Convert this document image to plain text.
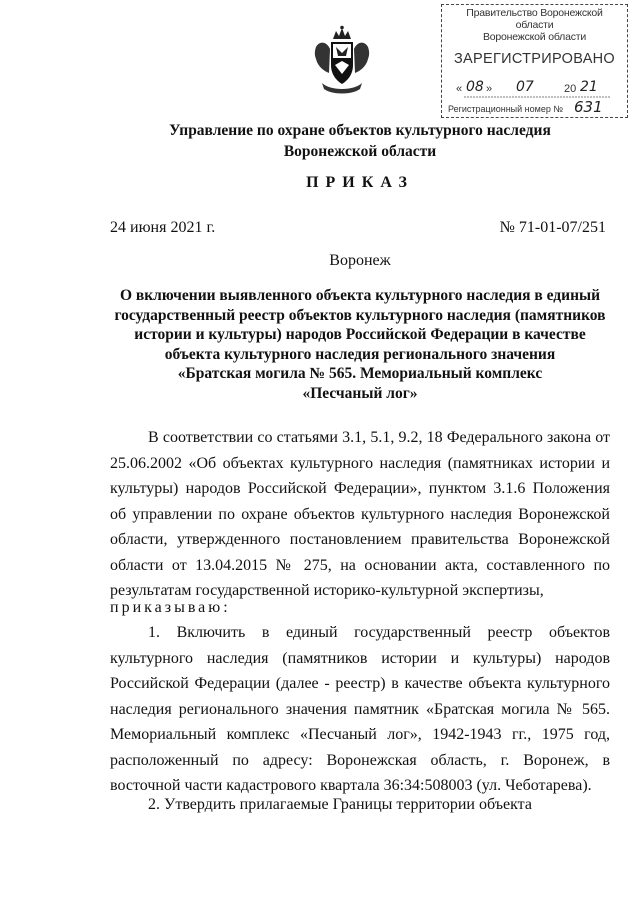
Правительство Воронежской области
Воронежской области
ЗАРЕГИСТРИРОВАНО
« 08 » 07	20 21
Регистрационный номер № 631
Управление по охране объектов культурного наследия
Воронежской области
ПРИКАЗ
24 июня 2021 г.	№ 71-01-07/251
Воронеж
О включении выявленного объекта культурного наследия в единый
государственный реестр объектов культурного наследия (памятников
истории и культуры) народов Российской Федерации в качестве
объекта культурного наследия регионального значения
«Братская могила № 565. Мемориальный комплекс
«Песчаный лог»
В соответствии со статьями 3.1, 5.1, 9.2, 18 Федерального закона от 25.06.2002 «Об объектах культурного наследия (памятниках истории и культуры) народов Российской Федерации», пунктом 3.1.6 Положения об управлении по охране объектов культурного наследия Воронежской области, утвержденного постановлением правительства Воронежской области от 13.04.2015 № 275, на основании акта, составленного по результатам государственной историко-культурной экспертизы,
приказываю:
1. Включить в единый государственный реестр объектов культурного наследия (памятников истории и культуры) народов Российской Федерации (далее - реестр) в качестве объекта культурного наследия регионального значения памятник «Братская могила № 565. Мемориальный комплекс «Песчаный лог», 1942-1943 гг., 1975 год, расположенный по адресу: Воронежская область, г. Воронеж, в восточной части кадастрового квартала 36:34:508003 (ул. Чеботарева).
2. Утвердить прилагаемые Границы территории объекта
